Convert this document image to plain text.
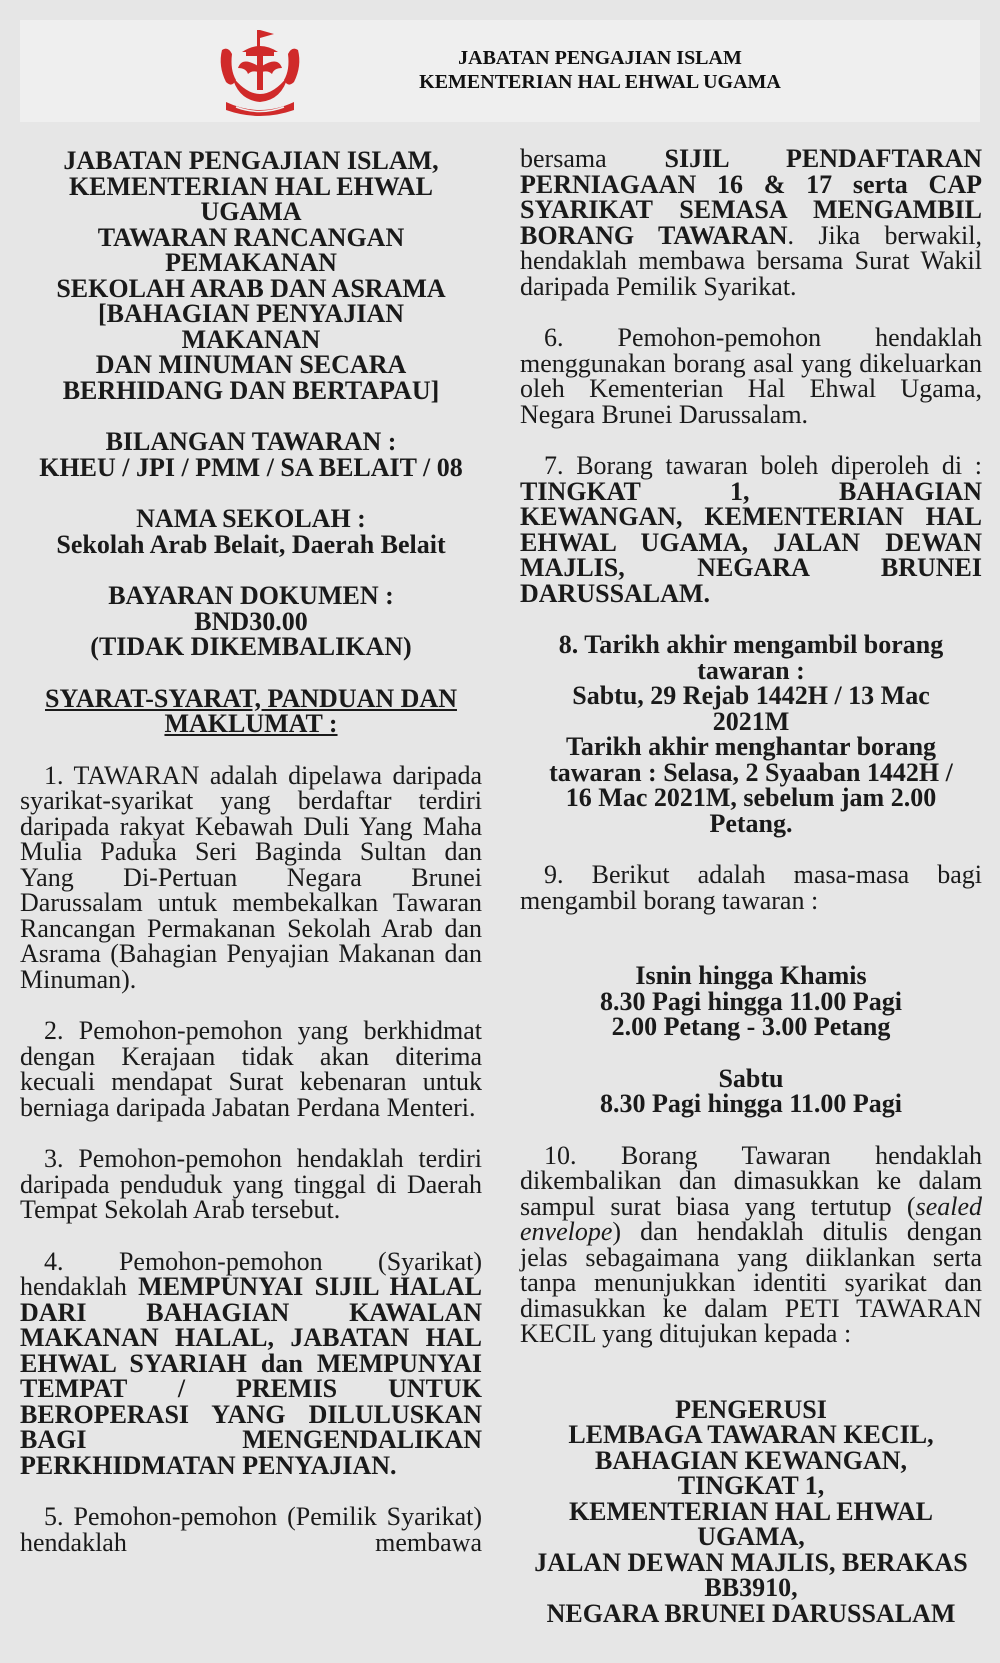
JABATAN PENGAJIAN ISLAM
KEMENTERIAN HAL EHWAL UGAMA
JABATAN PENGAJIAN ISLAM,
KEMENTERIAN HAL EHWAL
UGAMA
TAWARAN RANCANGAN
PEMAKANAN
SEKOLAH ARAB DAN ASRAMA
[BAHAGIAN PENYAJIAN
MAKANAN
DAN MINUMAN SECARA
BERHIDANG DAN BERTAPAU]
BILANGAN TAWARAN :
KHEU / JPI / PMM / SA BELAIT / 08
NAMA SEKOLAH :
Sekolah Arab Belait, Daerah Belait
BAYARAN DOKUMEN :
BND30.00
(TIDAK DIKEMBALIKAN)
SYARAT-SYARAT, PANDUAN DAN
MAKLUMAT :

1. TAWARAN adalah dipelawa daripada syarikat-syarikat yang berdaftar terdiri daripada rakyat Kebawah Duli Yang Maha Mulia Paduka Seri Baginda Sultan dan Yang Di-Pertuan Negara Brunei Darussalam untuk membekalkan Tawaran Rancangan Permakanan Sekolah Arab dan Asrama (Bahagian Penyajian Makanan dan Minuman).

2. Pemohon-pemohon yang berkhidmat dengan Kerajaan tidak akan diterima kecuali mendapat Surat kebenaran untuk berniaga daripada Jabatan Perdana Menteri.

3. Pemohon-pemohon hendaklah terdiri daripada penduduk yang tinggal di Daerah Tempat Sekolah Arab tersebut.

4. Pemohon-pemohon (Syarikat) hendaklah MEMPUNYAI SIJIL HALAL DARI BAHAGIAN KAWALAN MAKANAN HALAL, JABATAN HAL EHWAL SYARIAH dan MEMPUNYAI TEMPAT / PREMIS UNTUK BEROPERASI YANG DILULUSKAN BAGI MENGENDALIKAN PERKHIDMATAN PENYAJIAN.

5. Pemohon-pemohon (Pemilik Syarikat) hendaklah membawa

bersama SIJIL PENDAFTARAN PERNIAGAAN 16 & 17 serta CAP SYARIKAT SEMASA MENGAMBIL BORANG TAWARAN. Jika berwakil, hendaklah membawa bersama Surat Wakil daripada Pemilik Syarikat.

6. Pemohon-pemohon hendaklah menggunakan borang asal yang dikeluarkan oleh Kementerian Hal Ehwal Ugama, Negara Brunei Darussalam.

7. Borang tawaran boleh diperoleh di : TINGKAT 1, BAHAGIAN KEWANGAN, KEMENTERIAN HAL EHWAL UGAMA, JALAN DEWAN MAJLIS, NEGARA BRUNEI DARUSSALAM.

8. Tarikh akhir mengambil borang
tawaran :
Sabtu, 29 Rejab 1442H / 13 Mac
2021M
Tarikh akhir menghantar borang
tawaran : Selasa, 2 Syaaban 1442H /
16 Mac 2021M, sebelum jam 2.00
Petang.

9. Berikut adalah masa-masa bagi mengambil borang tawaran :

Isnin hingga Khamis
8.30 Pagi hingga 11.00 Pagi
2.00 Petang - 3.00 Petang
Sabtu
8.30 Pagi hingga 11.00 Pagi

10. Borang Tawaran hendaklah dikembalikan dan dimasukkan ke dalam sampul surat biasa yang tertutup (sealed envelope) dan hendaklah ditulis dengan jelas sebagaimana yang diiklankan serta tanpa menunjukkan identiti syarikat dan dimasukkan ke dalam PETI TAWARAN KECIL yang ditujukan kepada :

PENGERUSI
LEMBAGA TAWARAN KECIL,
BAHAGIAN KEWANGAN,
TINGKAT 1,
KEMENTERIAN HAL EHWAL
UGAMA,
JALAN DEWAN MAJLIS, BERAKAS
BB3910,
NEGARA BRUNEI DARUSSALAM
